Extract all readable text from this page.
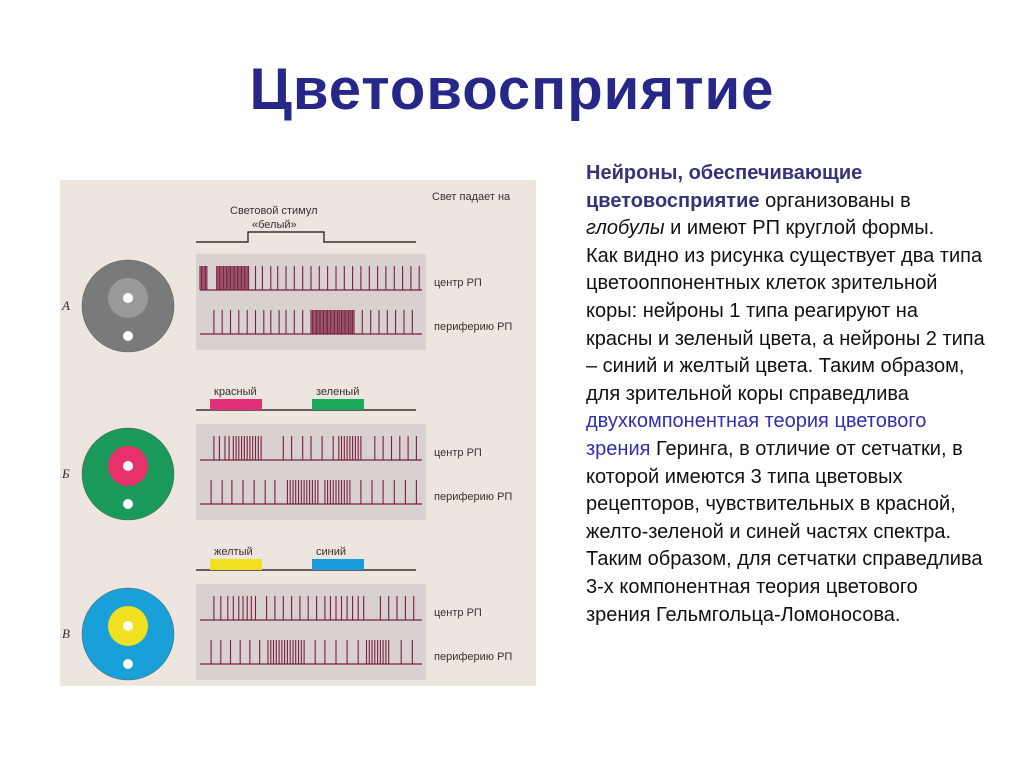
Цветовосприятие
Свет падает на
Световой стимул
«белый»
центр РП
периферию РП
А
красный	зеленый
центр РП
периферию РП
Б
желтый	синий
центр РП
периферию РП
В

Нейроны, обеспечивающие цветовосприятие организованы в глобулы и имеют РП круглой формы.

Как видно из рисунка существует два типа цветооппонентных клеток зрительной коры: нейроны 1 типа реагируют на красны и зеленый цвета, а нейроны 2 типа – синий и желтый цвета. Таким образом, для зрительной коры справедлива двухкомпонентная теория цветового зрения Геринга, в отличие от сетчатки, в которой имеются 3 типа цветовых рецепторов, чувствительных в красной, желто-зеленой и синей частях спектра.

Таким образом, для сетчатки справедлива 3-х компонентная теория цветового зрения Гельмгольца-Ломоносова.
